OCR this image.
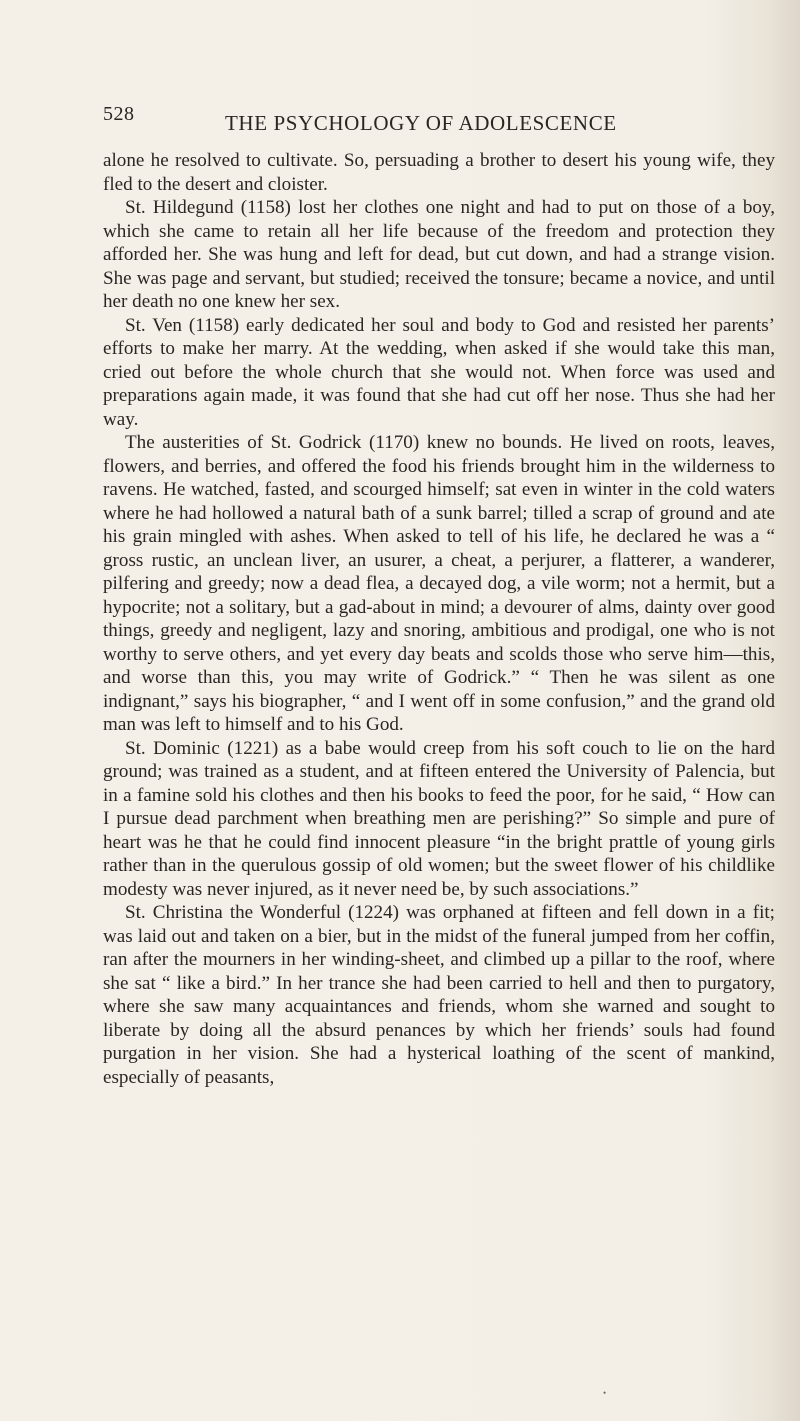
528	THE PSYCHOLOGY OF ADOLESCENCE

alone he resolved to cultivate. So, persuading a brother to desert his young wife, they fled to the desert and cloister.

St. Hildegund (1158) lost her clothes one night and had to put on those of a boy, which she came to retain all her life because of the freedom and protection they afforded her. She was hung and left for dead, but cut down, and had a strange vision. She was page and servant, but studied; received the tonsure; became a novice, and until her death no one knew her sex.

St. Ven (1158) early dedicated her soul and body to God and resisted her parents’ efforts to make her marry. At the wedding, when asked if she would take this man, cried out before the whole church that she would not. When force was used and preparations again made, it was found that she had cut off her nose. Thus she had her way.

The austerities of St. Godrick (1170) knew no bounds. He lived on roots, leaves, flowers, and berries, and offered the food his friends brought him in the wilderness to ravens. He watched, fasted, and scourged himself; sat even in winter in the cold waters where he had hollowed a natural bath of a sunk barrel; tilled a scrap of ground and ate his grain mingled with ashes. When asked to tell of his life, he declared he was a “ gross rustic, an unclean liver, an usurer, a cheat, a perjurer, a flatterer, a wanderer, pilfering and greedy; now a dead flea, a decayed dog, a vile worm; not a hermit, but a hypocrite; not a solitary, but a gad-about in mind; a devourer of alms, dainty over good things, greedy and negligent, lazy and snoring, ambitious and prodigal, one who is not worthy to serve others, and yet every day beats and scolds those who serve him—this, and worse than this, you may write of Godrick.” “ Then he was silent as one indignant,” says his biographer, “ and I went off in some confusion,” and the grand old man was left to himself and to his God.

St. Dominic (1221) as a babe would creep from his soft couch to lie on the hard ground; was trained as a student, and at fifteen entered the University of Palencia, but in a famine sold his clothes and then his books to feed the poor, for he said, “ How can I pursue dead parchment when breathing men are perishing?” So simple and pure of heart was he that he could find innocent pleasure “in the bright prattle of young girls rather than in the querulous gossip of old women; but the sweet flower of his childlike modesty was never injured, as it never need be, by such associations.”

St. Christina the Wonderful (1224) was orphaned at fifteen and fell down in a fit; was laid out and taken on a bier, but in the midst of the funeral jumped from her coffin, ran after the mourners in her winding-sheet, and climbed up a pillar to the roof, where she sat “ like a bird.” In her trance she had been carried to hell and then to purgatory, where she saw many acquaintances and friends, whom she warned and sought to liberate by doing all the absurd penances by which her friends’ souls had found purgation in her vision. She had a hysterical loathing of the scent of mankind, especially of peasants,

•
